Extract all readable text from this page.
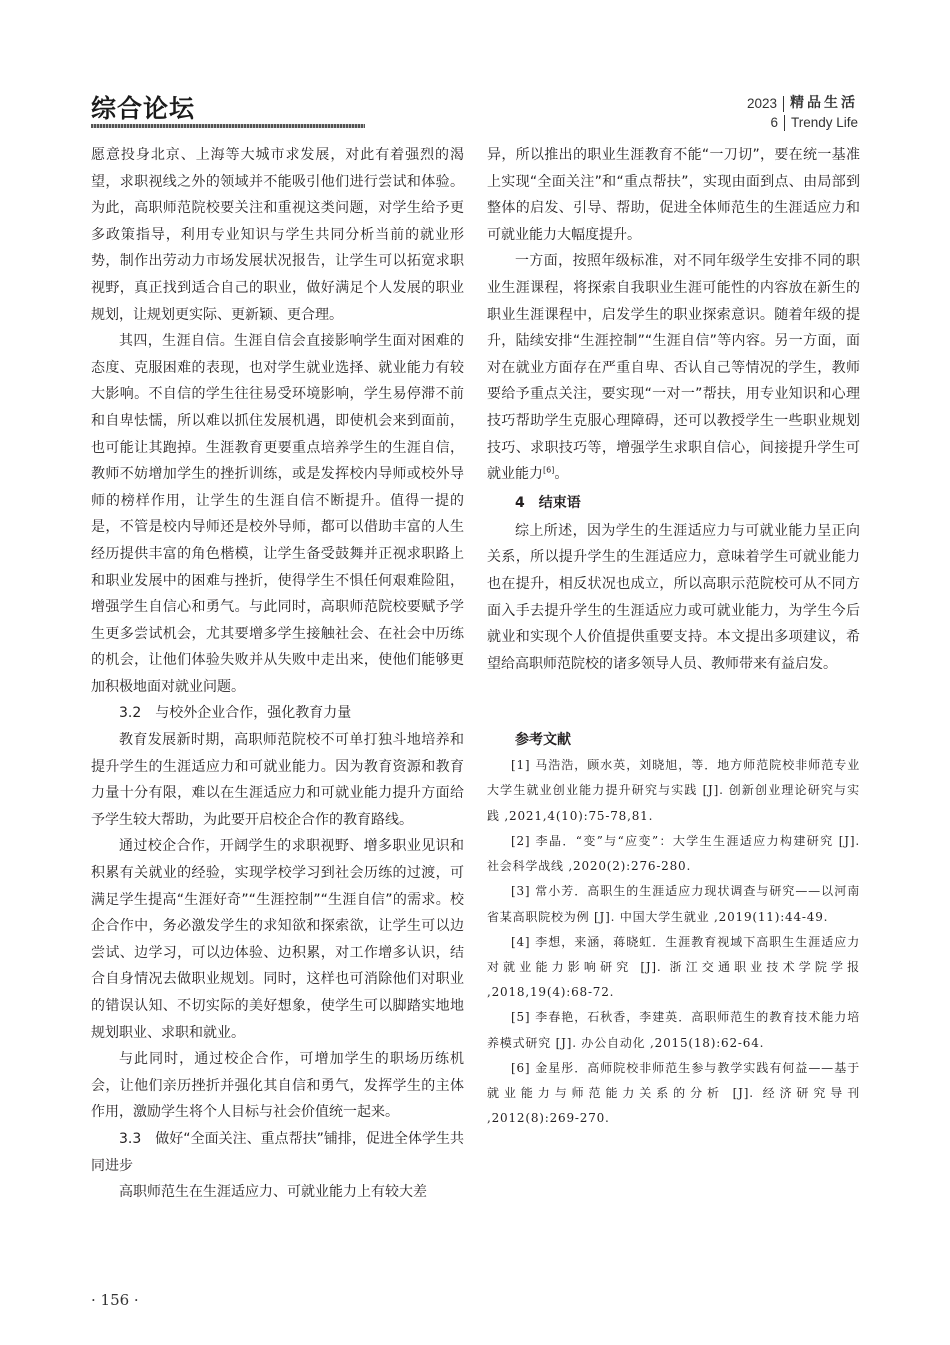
综合论坛	2023 精品生活
6 Trendy Life

愿意投身北京、上海等大城市求发展，对此有着强烈的渴望，求职视线之外的领域并不能吸引他们进行尝试和体验。为此，高职师范院校要关注和重视这类问题，对学生给予更多政策指导，利用专业知识与学生共同分析当前的就业形势，制作出劳动力市场发展状况报告，让学生可以拓宽求职视野，真正找到适合自己的职业，做好满足个人发展的职业规划，让规划更实际、更新颖、更合理。

其四，生涯自信。生涯自信会直接影响学生面对困难的态度、克服困难的表现，也对学生就业选择、就业能力有较大影响。不自信的学生往往易受环境影响，学生易停滞不前和自卑怯懦，所以难以抓住发展机遇，即使机会来到面前，也可能让其跑掉。生涯教育更要重点培养学生的生涯自信，教师不妨增加学生的挫折训练，或是发挥校内导师或校外导师的榜样作用，让学生的生涯自信不断提升。值得一提的是，不管是校内导师还是校外导师，都可以借助丰富的人生经历提供丰富的角色楷模，让学生备受鼓舞并正视求职路上和职业发展中的困难与挫折，使得学生不惧任何艰难险阻，增强学生自信心和勇气。与此同时，高职师范院校要赋予学生更多尝试机会，尤其要增多学生接触社会、在社会中历练的机会，让他们体验失败并从失败中走出来，使他们能够更加积极地面对就业问题。

3.2　与校外企业合作，强化教育力量

教育发展新时期，高职师范院校不可单打独斗地培养和提升学生的生涯适应力和可就业能力。因为教育资源和教育力量十分有限，难以在生涯适应力和可就业能力提升方面给予学生较大帮助，为此要开启校企合作的教育路线。

通过校企合作，开阔学生的求职视野、增多职业见识和积累有关就业的经验，实现学校学习到社会历练的过渡，可满足学生提高“生涯好奇”“生涯控制”“生涯自信”的需求。校企合作中，务必激发学生的求知欲和探索欲，让学生可以边尝试、边学习，可以边体验、边积累，对工作增多认识，结合自身情况去做职业规划。同时，这样也可消除他们对职业的错误认知、不切实际的美好想象，使学生可以脚踏实地地规划职业、求职和就业。

与此同时，通过校企合作，可增加学生的职场历练机会，让他们亲历挫折并强化其自信和勇气，发挥学生的主体作用，激励学生将个人目标与社会价值统一起来。

3.3　做好“全面关注、重点帮扶”铺排，促进全体学生共同进步

高职师范生在生涯适应力、可就业能力上有较大差

异，所以推出的职业生涯教育不能“一刀切”，要在统一基准上实现“全面关注”和“重点帮扶”，实现由面到点、由局部到整体的启发、引导、帮助，促进全体师范生的生涯适应力和可就业能力大幅度提升。

一方面，按照年级标准，对不同年级学生安排不同的职业生涯课程，将探索自我职业生涯可能性的内容放在新生的职业生涯课程中，启发学生的职业探索意识。随着年级的提升，陆续安排“生涯控制”“生涯自信”等内容。另一方面，面对在就业方面存在严重自卑、否认自己等情况的学生，教师要给予重点关注，要实现“一对一”帮扶，用专业知识和心理技巧帮助学生克服心理障碍，还可以教授学生一些职业规划技巧、求职技巧等，增强学生求职自信心，间接提升学生可就业能力[6]。

4　结束语

综上所述，因为学生的生涯适应力与可就业能力呈正向关系，所以提升学生的生涯适应力，意味着学生可就业能力也在提升，相反状况也成立，所以高职示范院校可从不同方面入手去提升学生的生涯适应力或可就业能力，为学生今后就业和实现个人价值提供重要支持。本文提出多项建议，希望给高职师范院校的诸多领导人员、教师带来有益启发。

参考文献

[1] 马浩浩，顾水英，刘晓旭，等．地方师范院校非师范专业大学生就业创业能力提升研究与实践 [J]. 创新创业理论研究与实践 ,2021,4(10):75-78,81.

[2] 李晶．“变”与“应变”：大学生生涯适应力构建研究 [J]. 社会科学战线 ,2020(2):276-280.

[3] 常小芳．高职生的生涯适应力现状调查与研究——以河南省某高职院校为例 [J]. 中国大学生就业 ,2019(11):44-49.

[4] 李想，来涵，蒋晓虹．生涯教育视域下高职生生涯适应力对就业能力影响研究 [J]. 浙江交通职业技术学院学报 ,2018,19(4):68-72.

[5] 李春艳，石秋香，李建英．高职师范生的教育技术能力培养模式研究 [J]. 办公自动化 ,2015(18):62-64.

[6] 金星彤．高师院校非师范生参与教学实践有何益——基于就业能力与师范能力关系的分析 [J]. 经济研究导刊 ,2012(8):269-270.

· 156 ·
